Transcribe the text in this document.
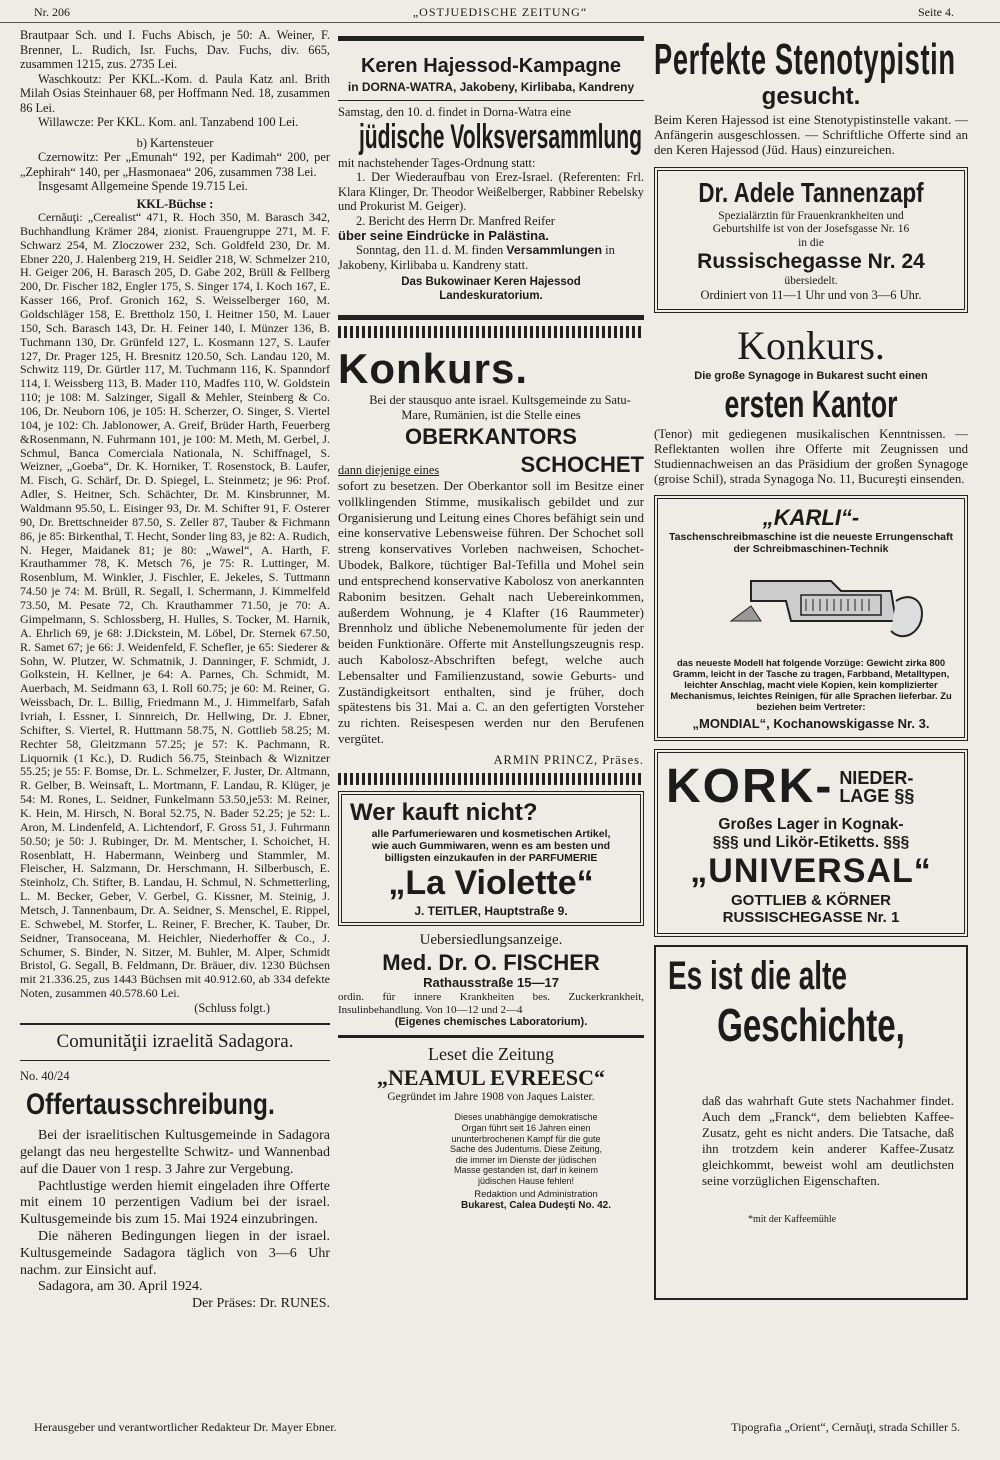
Nr. 206	„OSTJUEDISCHE ZEITUNG“	Seite 4.

Brautpaar Sch. und I. Fuchs Abisch, je 50: A. Weiner, F. Brenner, L. Rudich, Isr. Fuchs, Dav. Fuchs, div. 665, zusammen 1215, zus. 2735 Lei.

Waschkoutz: Per KKL.-Kom. d. Paula Katz anl. Brith Milah Osias Steinhauer 68, per Hoffmann Ned. 18, zusammen 86 Lei.

Willawcze: Per KKL. Kom. anl. Tanzabend 100 Lei.

b) Kartensteuer

Czernowitz: Per „Emunah“ 192, per Kadimah“ 200, per „Zephirah“ 140, per „Hasmonaea“ 206, zusammen 738 Lei.

Insgesamt Allgemeine Spende 19.715 Lei.

KKL-Büchse :

Cernăuţi: „Cerealist“ 471, R. Hoch 350, M. Barasch 342, Buchhandlung Krämer 284, zionist. Frauengruppe 271, M. F. Schwarz 254, M. Zloczower 232, Sch. Goldfeld 230, Dr. M. Ebner 220, J. Halenberg 219, H. Seidler 218, W. Schmelzer 210, H. Geiger 206, H. Barasch 205, D. Gabe 202, Brüll & Fellberg 200, Dr. Fischer 182, Engler 175, S. Singer 174, I. Koch 167, E. Kasser 166, Prof. Gronich 162, S. Weisselberger 160, M. Goldschläger 158, E. Brettholz 150, I. Heitner 150, M. Lauer 150, Sch. Barasch 143, Dr. H. Feiner 140, I. Münzer 136, B. Tuchmann 130, Dr. Grünfeld 127, L. Kosmann 127, S. Laufer 127, Dr. Prager 125, H. Bresnitz 120.50, Sch. Landau 120, M. Schwitz 119, Dr. Gürtler 117, M. Tuchmann 116, K. Spanndorf 114, I. Weissberg 113, B. Mader 110, Madfes 110, W. Goldstein 110; je 108: M. Salzinger, Sigall & Mehler, Steinberg & Co. 106, Dr. Neuborn 106, je 105: H. Scherzer, O. Singer, S. Viertel 104, je 102: Ch. Jablonower, A. Greif, Brüder Harth, Feuerberg &Rosenmann, N. Fuhrmann 101, je 100: M. Meth, M. Gerbel, J. Schmul, Banca Comerciala Nationala, N. Schiffnagel, S. Weizner, „Goeba“, Dr. K. Horniker, T. Rosenstock, B. Laufer, M. Fisch, G. Schärf, Dr. D. Spiegel, L. Steinmetz; je 96: Prof. Adler, S. Heitner, Sch. Schächter, Dr. M. Kinsbrunner, M. Waldmann 95.50, L. Eisinger 93, Dr. M. Schifter 91, F. Osterer 90, Dr. Brettschneider 87.50, S. Zeller 87, Tauber & Fichmann 86, je 85: Birkenthal, T. Hecht, Sonder ling 83, je 82: A. Rudich, N. Heger, Maidanek 81; je 80: „Wawel“, A. Harth, F. Krauthammer 78, K. Metsch 76, je 75: R. Luttinger, M. Rosenblum, M. Winkler, J. Fischler, E. Jekeles, S. Tuttmann 74.50 je 74: M. Brüll, R. Segall, I. Schermann, J. Kimmelfeld 73.50, M. Pesate 72, Ch. Krauthammer 71.50, je 70: A. Gimpelmann, S. Schlossberg, H. Hulles, S. Tocker, M. Harnik, A. Ehrlich 69, je 68: J.Dickstein, M. Löbel, Dr. Sternek 67.50, R. Samet 67; je 66: J. Weidenfeld, F. Schefler, je 65: Siederer & Sohn, W. Plutzer, W. Schmatnik, J. Danninger, F. Schmidt, J. Golkstein, H. Kellner, je 64: A. Parnes, Ch. Schmidt, M. Auerbach, M. Seidmann 63, I. Roll 60.75; je 60: M. Reiner, G. Weissbach, Dr. L. Billig, Friedmann M., J. Himmelfarb, Safah Ivriah, I. Essner, I. Sinnreich, Dr. Hellwing, Dr. J. Ebner, Schifter, S. Viertel, R. Huttmann 58.75, N. Gottlieb 58.25; M. Rechter 58, Gleitzmann 57.25; je 57: K. Pachmann, R. Liquornik (1 Kc.), D. Rudich 56.75, Steinbach & Wiznitzer 55.25; je 55: F. Bomse, Dr. L. Schmelzer, F. Juster, Dr. Altmann, R. Gelber, B. Weinsaft, L. Mortmann, F. Landau, R. Klüger, je 54: M. Rones, L. Seidner, Funkelmann 53.50,je53: M. Reiner, K. Hein, M. Hirsch, N. Boral 52.75, N. Bader 52.25; je 52: L. Aron, M. Lindenfeld, A. Lichtendorf, F. Gross 51, J. Fuhrmann 50.50; je 50: J. Rubinger, Dr. M. Mentscher, I. Schoichet, H. Rosenblatt, H. Habermann, Weinberg und Stammler, M. Fleischer, H. Salzmann, Dr. Herschmann, H. Silberbusch, E. Steinholz, Ch. Stifter, B. Landau, H. Schmul, N. Schmetterling, L. M. Becker, Geber, V. Gerbel, G. Kissner, M. Steinig, J. Metsch, J. Tannenbaum, Dr. A. Seidner, S. Menschel, E. Rippel, E. Schwebel, M. Storfer, L. Reiner, F. Brecher, K. Tauber, Dr. Seidner, Transoceana, M. Heichler, Niederhoffer & Co., J. Schumer, S. Binder, N. Sitzer, M. Buhler, M. Alper, Schmidt Bristol, G. Segall, B. Feldmann, Dr. Bräuer, div. 1230 Büchsen mit 21.336.25, zus 1443 Büchsen mit 40.912.60, ab 334 defekte Noten, zusammen 40.578.60 Lei.

(Schluss folgt.)

Comunităţii izraelită Sadagora.
No. 40/24
Offertausschreibung.

Bei der israelitischen Kultusgemeinde in Sadagora gelangt das neu hergestellte Schwitz- und Wannenbad auf die Dauer von 1 resp. 3 Jahre zur Vergebung.

Pachtlustige werden hiemit eingeladen ihre Offerte mit einem 10 perzentigen Vadium bei der israel. Kultusgemeinde bis zum 15. Mai 1924 einzubringen.

Die näheren Bedingungen liegen in der israel. Kultusgemeinde Sadagora täglich von 3—6 Uhr nachm. zur Einsicht auf.

Sadagora, am 30. April 1924.

Der Präses: Dr. RUNES.

Keren Hajessod-Kampagne
in DORNA-WATRA, Jakobeny, Kirlibaba, Kandreny

Samstag, den 10. d. findet in Dorna-Watra eine

jüdische Volksversammlung

mit nachstehender Tages-Ordnung statt:

1. Der Wiederaufbau von Erez-Israel. (Referenten: Frl. Klara Klinger, Dr. Theodor Weißelberger, Rabbiner Rebelsky und Prokurist M. Geiger).

2. Bericht des Herrn Dr. Manfred Reifer

über seine Eindrücke in Palästina.

Sonntag, den 11. d. M. finden Versammlungen in Jakobeny, Kirlibaba u. Kandreny statt.

Das Bukowinaer Keren Hajessod

Landeskuratorium.

Konkurs.

Bei der stausquo ante israel. Kultsgemeinde zu Satu-Mare, Rumänien, ist die Stelle eines

OBERKANTORS
dann diejenige eines	SCHOCHET

sofort zu besetzen. Der Oberkantor soll im Besitze einer vollklingenden Stimme, musikalisch gebildet und zur Organisierung und Leitung eines Chores befähigt sein und eine konservative Lebensweise führen. Der Schochet soll streng konservatives Vorleben nachweisen, Schochet-Ubodek, Balkore, tüchtiger Bal-Tefilla und Mohel sein und entsprechend konservative Kabolosz von anerkannten Rabonim besitzen. Gehalt nach Uebereinkommen, außerdem Wohnung, je 4 Klafter (16 Raummeter) Brennholz und übliche Nebenemolumente für jeden der beiden Funktionäre. Offerte mit Anstellungszeugnis resp. auch Kabolosz-Abschriften befegt, welche auch Lebensalter und Familienzustand, sowie Geburts- und Zuständigkeitsort enthalten, sind je früher, doch spätestens bis 31. Mai a. C. an den gefertigten Vorsteher zu richten. Reisespesen werden nur den Berufenen vergütet.

ARMIN PRINCZ, Präses.

Wer kauft nicht?
alle Parfumeriewaren und kosmetischen Artikel, wie auch Gummiwaren, wenn es am besten und billigsten einzukaufen in der PARFUMERIE
„La Violette“
J. TEITLER, Hauptstraße 9.
Uebersiedlungsanzeige.
Med. Dr. O. FISCHER
Rathausstraße 15—17
ordin. für innere Krankheiten bes. Zuckerkrankheit, Insulinbehandlung. Von 10—12 und 2—4
(Eigenes chemisches Laboratorium).
Leset die Zeitung
„NEAMUL EVREESC“
Gegründet im Jahre 1908 von Jaques Laister.
Dieses unabhängige demokratische Organ führt seit 16 Jahren einen ununterbrochenen Kampf für die gute Sache des Judentums. Diese Zeitung, die immer im Dienste der jüdischen Masse gestanden ist, darf in keinem jüdischen Hause fehlen!
Redaktion und Administration
Bukarest, Calea Dudeşti No. 42.
Perfekte Stenotypistin
gesucht.

Beim Keren Hajessod ist eine Stenotypistinstelle vakant. — Anfängerin ausgeschlossen. — Schriftliche Offerte sind an den Keren Hajessod (Jüd. Haus) einzureichen.

Dr. Adele Tannenzapf
Spezialärztin für Frauenkrankheiten und Geburtshilfe ist von der Josefsgasse Nr. 16 in die
Russischegasse Nr. 24
übersiedelt.
Ordiniert von 11—1 Uhr und von 3—6 Uhr.
Konkurs.
Die große Synagoge in Bukarest sucht einen
ersten Kantor

(Tenor) mit gediegenen musikalischen Kenntnissen. — Reflektanten wollen ihre Offerte mit Zeugnissen und Studiennachweisen an das Präsidium der großen Synagoge (groise Schil), strada Synagoga No. 11, Bucureşti einsenden.

„KARLI“-
Taschenschreibmaschine ist die neueste Errungenschaft der Schreibmaschinen-Technik
das neueste Modell hat folgende Vorzüge: Gewicht zirka 800 Gramm, leicht in der Tasche zu tragen, Farbband, Metalltypen, leichter Anschlag, macht viele Kopien, kein komplizierter Mechanismus, leichtes Reinigen, für alle Sprachen lieferbar. Zu beziehen beim Vertreter:
„MONDIAL“, Kochanowskigasse Nr. 3.
KORK- NIEDER-
LAGE §§
Großes Lager in Kognak-
§§§ und Likör-Etiketts. §§§
„UNIVERSAL“
GOTTLIEB & KÖRNER
RUSSISCHEGASSE Nr. 1
Es ist die alte
Geschichte,

daß das wahrhaft Gute stets Nachahmer findet. Auch dem „Franck“, dem beliebten Kaffee-Zusatz, geht es nicht anders. Die Tatsache, daß ihn trotzdem kein anderer Kaffee-Zusatz gleichkommt, beweist wohl am deutlichsten seine vorzüglichen Eigenschaften.

*mit der Kaffeemühle

Herausgeber und verantwortlicher Redakteur Dr. Mayer Ebner.	Tipografia „Orient“, Cernăuţi, strada Schiller 5.
